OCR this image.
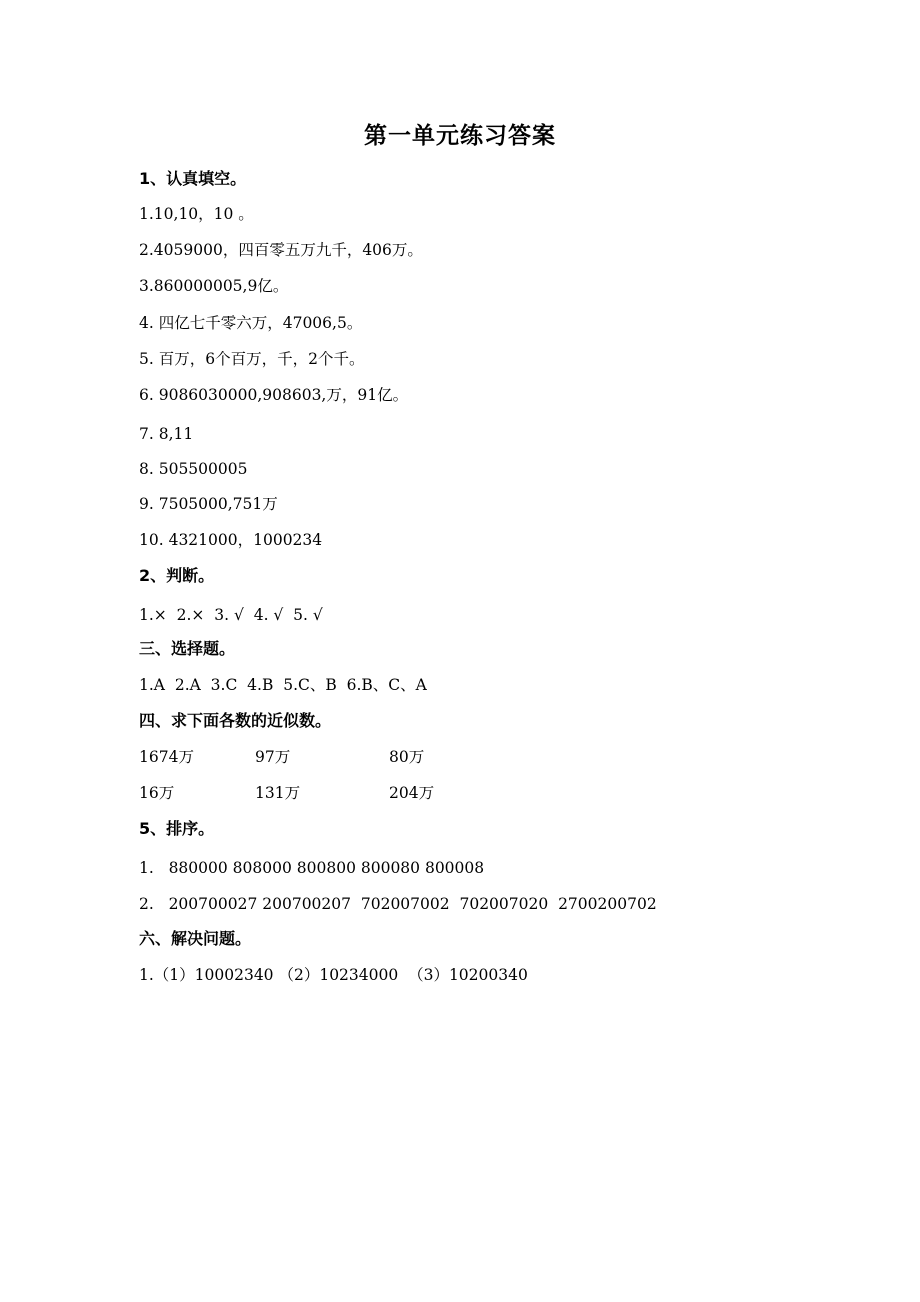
第一单元练习答案
1、认真填空。
1.10,10，10 。
2.4059000，四百零五万九千，406万。
3.860000005,9亿。
4. 四亿七千零六万，47006,5。
5. 百万，6个百万，千，2个千。
6. 9086030000,908603,万，91亿。
7. 8,11
8. 505500005
9. 7505000,751万
10. 4321000，1000234
2、判断。
1.×  2.×  3. √  4. √  5. √
三、选择题。
1.A  2.A  3.C  4.B  5.C、B  6.B、C、A
四、求下面各数的近似数。
1674万	97万	80万
16万	131万	204万
5、排序。
1.   880000 808000 800800 800080 800008
2.   200700027 200700207  702007002  702007020  2700200702
六、解决问题。
1.（1）10002340 （2）10234000  （3）10200340
